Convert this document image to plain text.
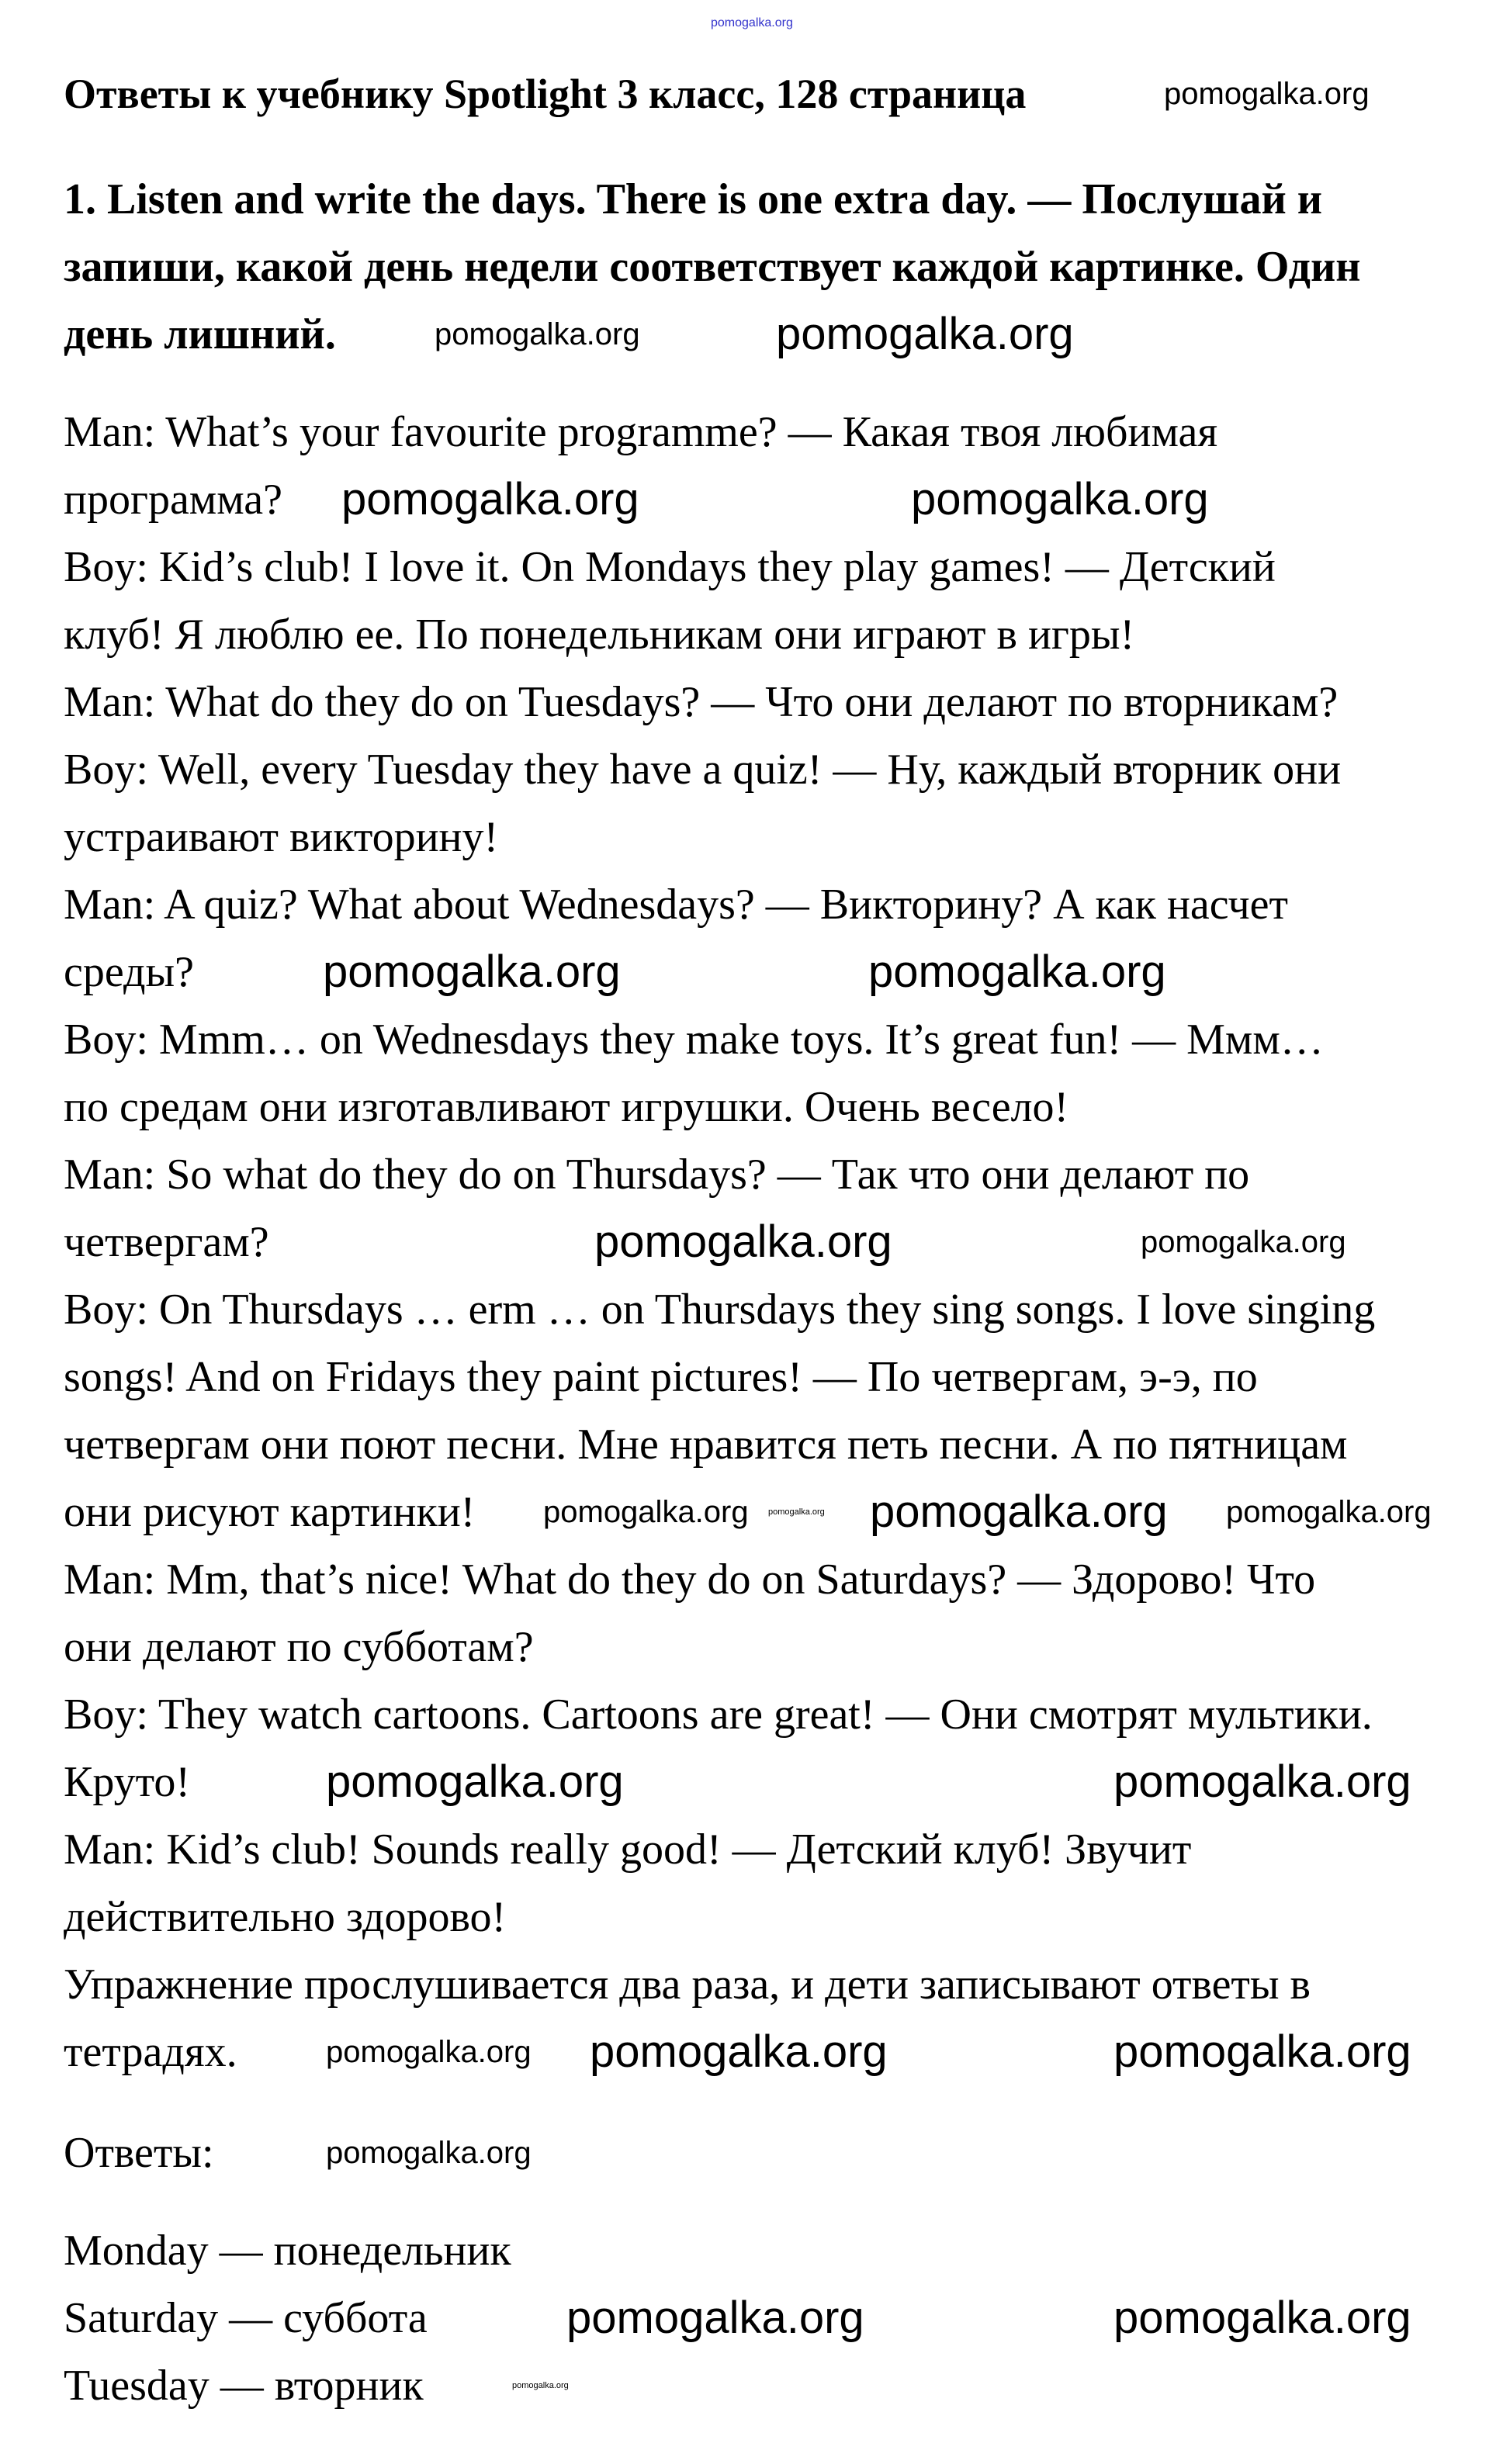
Ответы к учебнику Spotlight 3 класс, 128 страница
1. Listen and write the days. There is one extra day. — Послушай и
запиши, какой день недели соответствует каждой картинке. Один
день лишний.
Man: What’s your favourite programme? — Какая твоя любимая
программа?
Boy: Kid’s club! I love it. On Mondays they play games! — Детский
клуб! Я люблю ее. По понедельникам они играют в игры!
Man: What do they do on Tuesdays? — Что они делают по вторникам?
Boy: Well, every Tuesday they have a quiz! — Ну, каждый вторник они
устраивают викторину!
Man: A quiz? What about Wednesdays? — Викторину? А как насчет
среды?
Boy: Mmm… on Wednesdays they make toys. It’s great fun! — Ммм…
по средам они изготавливают игрушки. Очень весело!
Man: So what do they do on Thursdays? — Так что они делают по
четвергам?
Boy: On Thursdays … erm … on Thursdays they sing songs. I love singing
songs! And on Fridays they paint pictures! — По четвергам, э-э, по
четвергам они поют песни. Мне нравится петь песни. А по пятницам
они рисуют картинки!
Man: Mm, that’s nice! What do they do on Saturdays? — Здорово! Что
они делают по субботам?
Boy: They watch cartoons. Cartoons are great! — Они смотрят мультики.
Круто!
Man: Kid’s club! Sounds really good! — Детский клуб! Звучит
действительно здорово!
Упражнение прослушивается два раза, и дети записывают ответы в
тетрадях.
Ответы:
Monday — понедельник
Saturday — суббота
Tuesday — вторник
pomogalka.org
pomogalka.org
pomogalka.org	pomogalka.org
pomogalka.org	pomogalka.org
pomogalka.org	pomogalka.org
pomogalka.org	pomogalka.org
pomogalka.org pomogalka.org pomogalka.org pomogalka.org
pomogalka.org	pomogalka.org
pomogalka.org pomogalka.org	pomogalka.org
pomogalka.org
pomogalka.org	pomogalka.org
pomogalka.org
